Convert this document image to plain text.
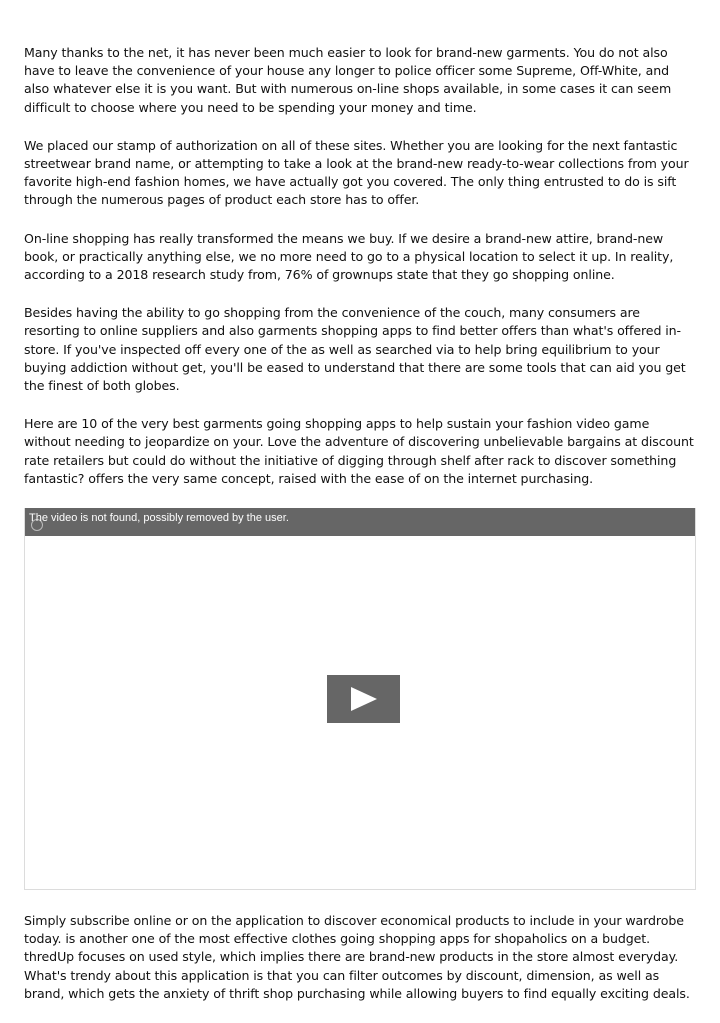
Many thanks to the net, it has never been much easier to look for brand-new garments. You do not also have to leave the convenience of your house any longer to police officer some Supreme, Off-White, and also whatever else it is you want. But with numerous on-line shops available, in some cases it can seem difficult to choose where you need to be spending your money and time.

We placed our stamp of authorization on all of these sites. Whether you are looking for the next fantastic streetwear brand name, or attempting to take a look at the brand-new ready-to-wear collections from your favorite high-end fashion homes, we have actually got you covered. The only thing entrusted to do is sift through the numerous pages of product each store has to offer.

On-line shopping has really transformed the means we buy. If we desire a brand-new attire, brand-new book, or practically anything else, we no more need to go to a physical location to select it up. In reality, according to a 2018 research study from, 76% of grownups state that they go shopping online.

Besides having the ability to go shopping from the convenience of the couch, many consumers are resorting to online suppliers and also garments shopping apps to find better offers than what's offered in-store. If you've inspected off every one of the as well as searched via to help bring equilibrium to your buying addiction without get, you'll be eased to understand that there are some tools that can aid you get the finest of both globes.

Here are 10 of the very best garments going shopping apps to help sustain your fashion video game without needing to jeopardize on your. Love the adventure of discovering unbelievable bargains at discount rate retailers but could do without the initiative of digging through shelf after rack to discover something fantastic? offers the very same concept, raised with the ease of on the internet purchasing.

The video is not found, possibly removed by the user.

Simply subscribe online or on the application to discover economical products to include in your wardrobe today. is another one of the most effective clothes going shopping apps for shopaholics on a budget. thredUp focuses on used style, which implies there are brand-new products in the store almost everyday. What's trendy about this application is that you can filter outcomes by discount, dimension, as well as brand, which gets the anxiety of thrift shop purchasing while allowing buyers to find equally exciting deals.
